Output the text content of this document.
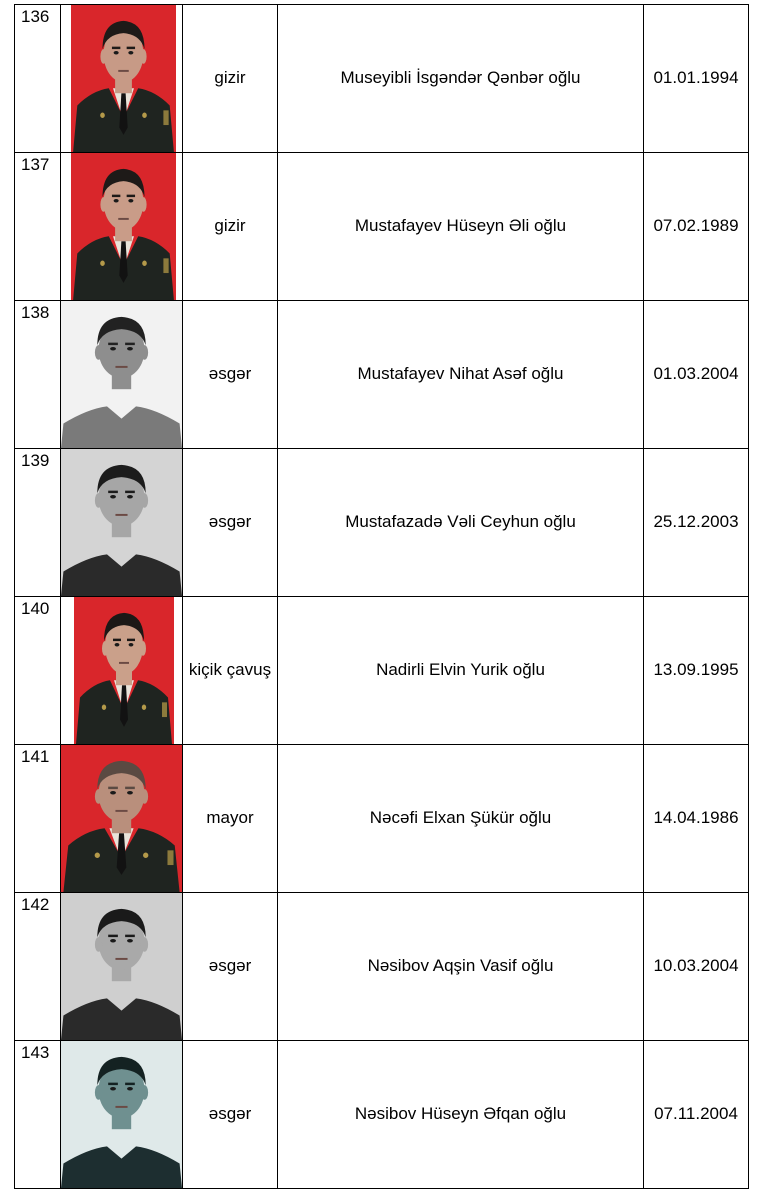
136		gizir	Museyibli İsgəndər Qənbər oğlu	01.01.1994
137		gizir	Mustafayev Hüseyn Əli oğlu	07.02.1989
138		əsgər	Mustafayev Nihat Asəf oğlu	01.03.2004
139		əsgər	Mustafazadə Vəli Ceyhun oğlu	25.12.2003
140		kiçik çavuş	Nadirli Elvin Yurik oğlu	13.09.1995
141		mayor	Nəcəfi Elxan Şükür oğlu	14.04.1986
142		əsgər	Nəsibov Aqşin Vasif oğlu	10.03.2004
143		əsgər	Nəsibov Hüseyn Əfqan oğlu	07.11.2004
